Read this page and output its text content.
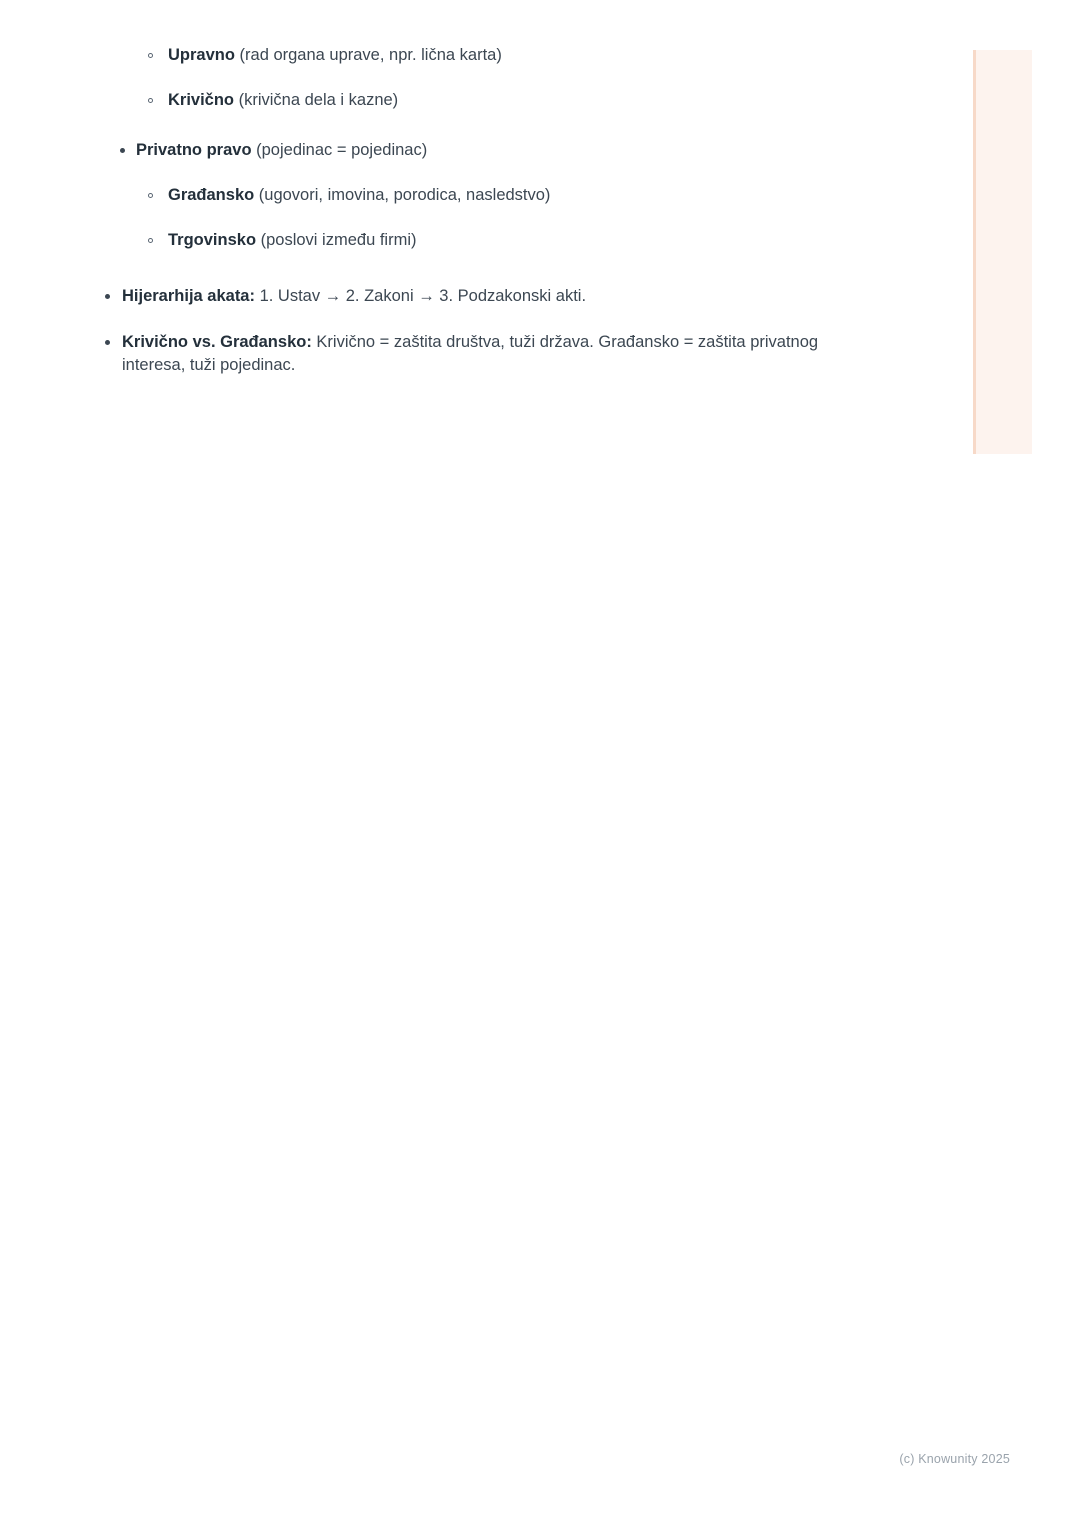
Upravno (rad organa uprave, npr. lična karta)
Krivično (krivična dela i kazne)
Privatno pravo (pojedinac = pojedinac)
Građansko (ugovori, imovina, porodica, nasledstvo)
Trgovinsko (poslovi između firmi)
Hijerarhija akata: 1. Ustav → 2. Zakoni → 3. Podzakonski akti.
Krivično vs. Građansko: Krivično = zaštita društva, tuži država. Građansko = zaštita privatnog interesa, tuži pojedinac.
(c) Knowunity 2025
